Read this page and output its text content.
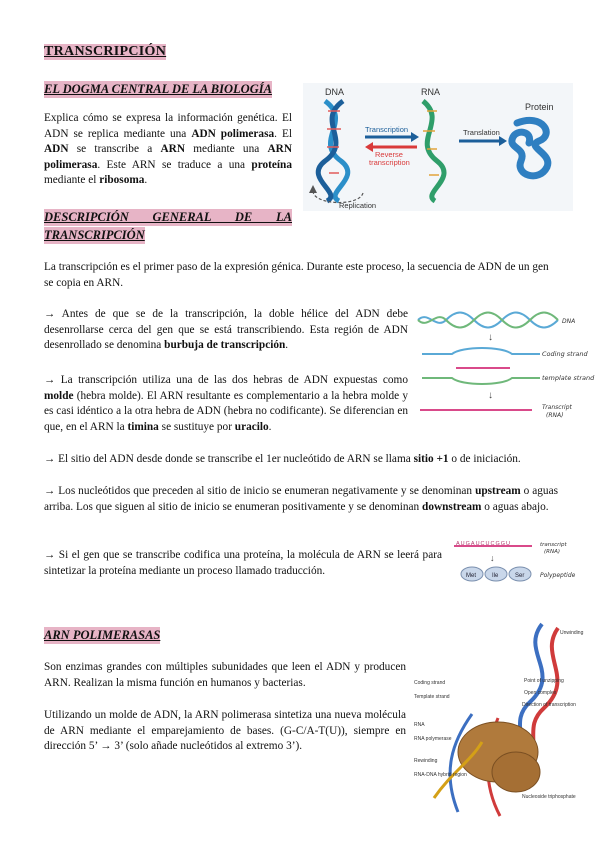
TRANSCRIPCIÓN
EL DOGMA CENTRAL DE LA BIOLOGÍA
Explica cómo se expresa la información genética. El ADN se replica mediante una ADN polimerasa. El ADN se transcribe a ARN mediante una ARN polimerasa. Este ARN se traduce a una proteína mediante el ribosoma.
DNA	RNA
Protein
Transcription
Reverse
transcription
Translation
Replication
DESCRIPCIÓN GENERAL DE LA
TRANSCRIPCIÓN
La transcripción es el primer paso de la expresión génica. Durante este proceso, la secuencia de ADN de un gen se copia en ARN.
→ Antes de que se de la transcripción, la doble hélice del ADN debe desenrollarse cerca del gen que se está transcribiendo. Esta región de ADN desenrollado se denomina burbuja de transcripción.
→ La transcripción utiliza una de las dos hebras de ADN expuestas como molde (hebra molde). El ARN resultante es complementario a la hebra molde y es casi idéntico a la otra hebra de ADN (hebra no codificante). Se diferencian en que, en el ARN la timina se sustituye por uracilo.
DNA
↓
Coding strand
template strand
↓
Transcript
(RNA)
→ El sitio del ADN desde donde se transcribe el 1er nucleótido de ARN se llama sitio +1 o de iniciación.
→ Los nucleótidos que preceden al sitio de inicio se enumeran negativamente y se denominan upstream o aguas arriba. Los que siguen al sitio de inicio se enumeran positivamente y se denominan downstream o aguas abajo.
→ Si el gen que se transcribe codifica una proteína, la molécula de ARN se leerá para sintetizar la proteína mediante un proceso llamado traducción.
AUGAUCUCGGU	transcript
(RNA)
↓
Met	Ile	Ser	Polypeptide
ARN POLIMERASAS
Son enzimas grandes con múltiples subunidades que leen el ADN y producen ARN. Realizan la misma función en humanos y bacterias.
Utilizando un molde de ADN, la ARN polimerasa sintetiza una nueva molécula de ARN mediante el emparejamiento de bases. (G-C/A-T(U)), siempre en dirección 5’ → 3’ (solo añade nucleótidos al extremo 3’).
Unwinding
Coding strand
Template strand
RNA
RNA polymerase
Rewinding
Direction of transcription
Nucleoside triphosphate
Open complex
Point of unzipping
RNA-DNA hybrid region
